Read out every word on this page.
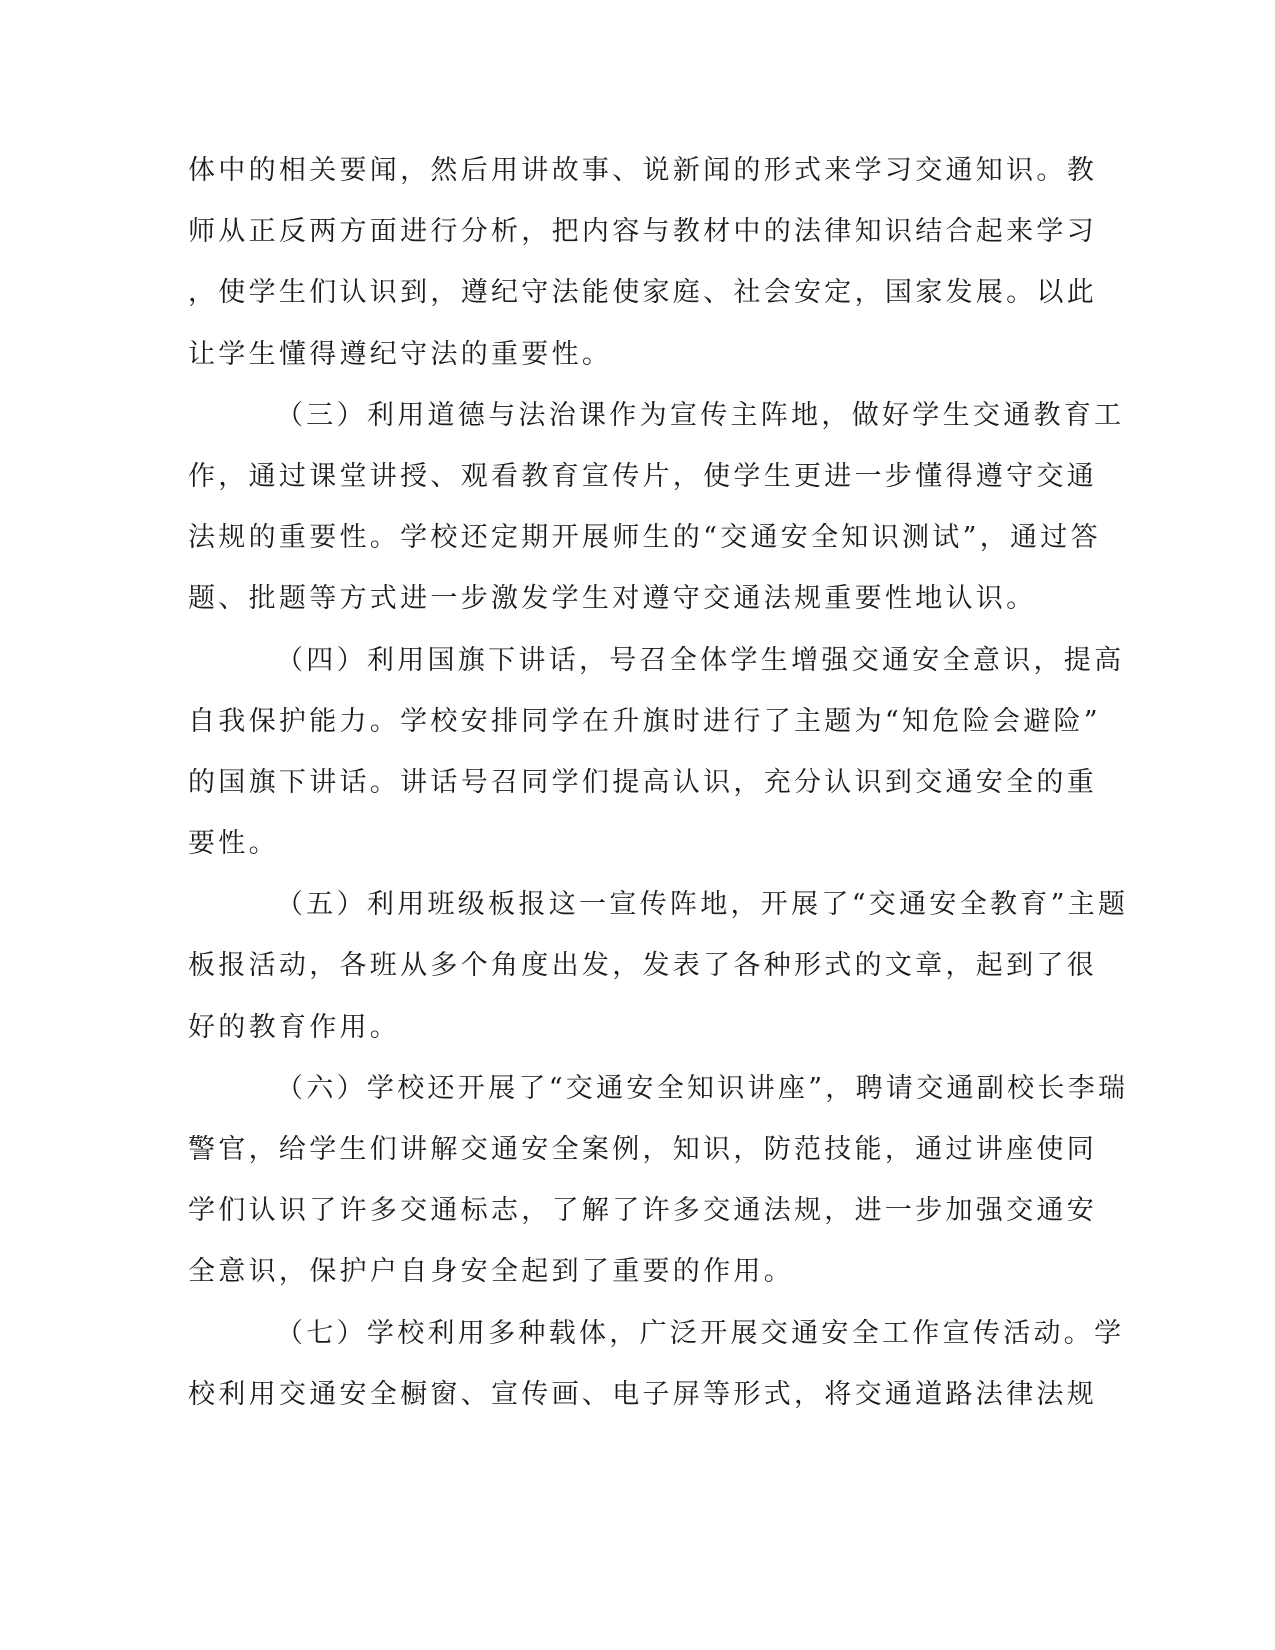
体中的相关要闻，然后用讲故事、说新闻的形式来学习交通知识。教
师从正反两方面进行分析，把内容与教材中的法律知识结合起来学习
，使学生们认识到，遵纪守法能使家庭、社会安定，国家发展。以此
让学生懂得遵纪守法的重要性。
（三）利用道德与法治课作为宣传主阵地，做好学生交通教育工
作，通过课堂讲授、观看教育宣传片，使学生更进一步懂得遵守交通
法规的重要性。学校还定期开展师生的“交通安全知识测试”，通过答
题、批题等方式进一步激发学生对遵守交通法规重要性地认识。
（四）利用国旗下讲话，号召全体学生增强交通安全意识，提高
自我保护能力。学校安排同学在升旗时进行了主题为“知危险会避险”
的国旗下讲话。讲话号召同学们提高认识，充分认识到交通安全的重
要性。
（五）利用班级板报这一宣传阵地，开展了“交通安全教育”主题
板报活动，各班从多个角度出发，发表了各种形式的文章，起到了很
好的教育作用。
（六）学校还开展了“交通安全知识讲座”，聘请交通副校长李瑞
警官，给学生们讲解交通安全案例，知识，防范技能，通过讲座使同
学们认识了许多交通标志，了解了许多交通法规，进一步加强交通安
全意识，保护户自身安全起到了重要的作用。
（七）学校利用多种载体，广泛开展交通安全工作宣传活动。学
校利用交通安全橱窗、宣传画、电子屏等形式，将交通道路法律法规
